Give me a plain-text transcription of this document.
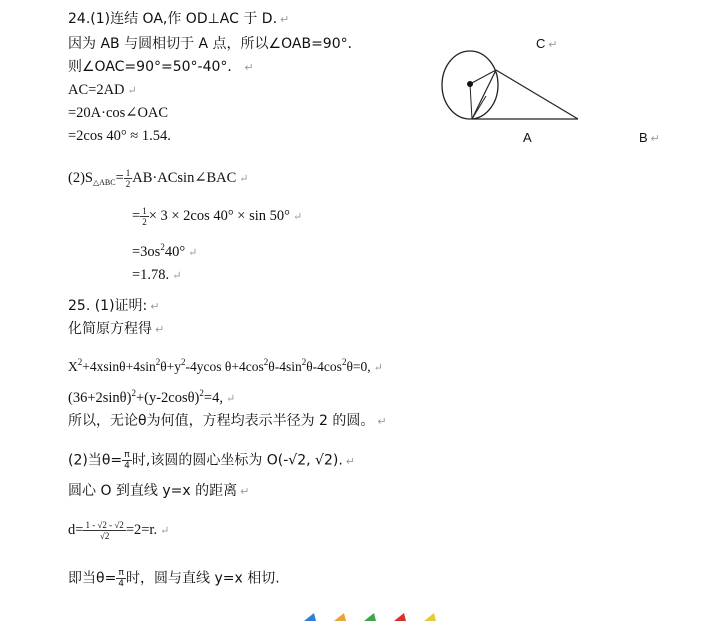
24.(1)连结 OA,作 OD⊥AC 于 D. ↵
因为 AB 与圆相切于 A 点，所以∠OAB=90°．
则∠OAC=90°=50°-40°． ↵
AC=2AD ↵
=20A·cos∠OAC
=2cos 40° ≈ 1.54.
C ↵
A	B ↵
$(2)S_{\triangle ABC}= \frac{1}{2}$ AB·ACsin∠BAC ↵
= $\frac{1}{2} \times 3 \times 2\cos$ 40° × sin 50° ↵
$=3os^240^\circ$ ↵
=1.78. ↵
25. (1)证明: ↵
化简原方程得 ↵
$X^2+4xsin\theta+4\sin^2\theta+y^2-4ycos$ $\theta+4\cos^2\theta-4\sin^2\theta-4\cos^2\theta=0$, ↵
$(36+2\sin\theta)^2+(y-2\cos\theta)^2=4$, ↵
所以，无论θ为何值，方程均表示半径为 2 的圆。 ↵
(2)当$\theta= \frac{\pi}{4}$ 时,该圆的圆心坐标为 O(-√2, √2). ↵
圆心 O 到直线 y=x 的距离 ↵
$d= \frac{1 - √2 - √2}{√2} =2=r$. ↵
即当$\theta= \frac{\pi}{4}$ 时，圆与直线 y=x 相切.
